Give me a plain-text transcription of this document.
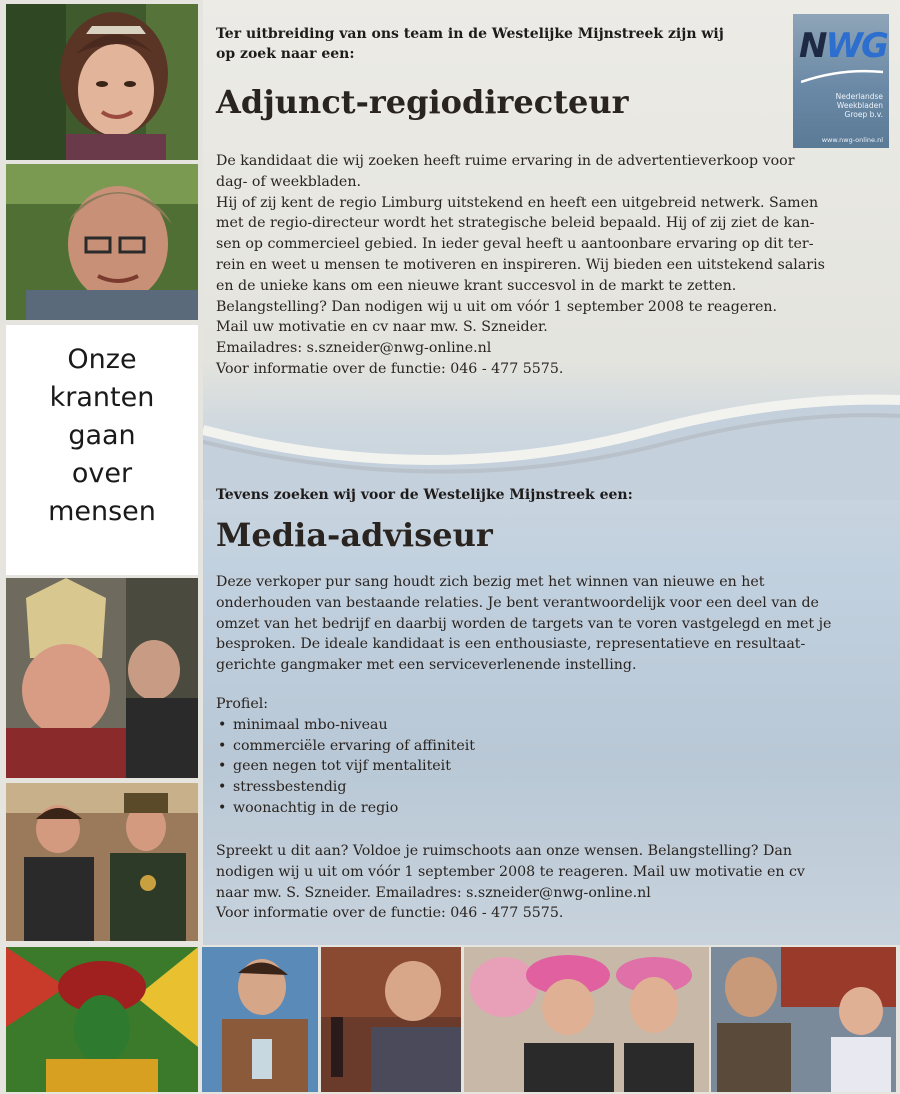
Onze
kranten
gaan
over
mensen
Ter uitbreiding van ons team in de Westelijke Mijnstreek zijn wij
op zoek naar een:
Adjunct-regiodirecteur
De kandidaat die wij zoeken heeft ruime ervaring in de advertentieverkoop voor
dag- of weekbladen.
Hij of zij kent de regio Limburg uitstekend en heeft een uitgebreid netwerk. Samen
met de regio-directeur wordt het strategische beleid bepaald. Hij of zij ziet de kan-
sen op commercieel gebied. In ieder geval heeft u aantoonbare ervaring op dit ter-
rein en weet u mensen te motiveren en inspireren. Wij bieden een uitstekend salaris
en de unieke kans om een nieuwe krant succesvol in de markt te zetten.
Belangstelling? Dan nodigen wij u uit om vóór 1 september 2008 te reageren.
Mail uw motivatie en cv naar mw. S. Szneider.
Emailadres: s.szneider@nwg-online.nl
Voor informatie over de functie: 046 - 477 5575.
Tevens zoeken wij voor de Westelijke Mijnstreek een:
Media-adviseur
Deze verkoper pur sang houdt zich bezig met het winnen van nieuwe en het
onderhouden van bestaande relaties. Je bent verantwoordelijk voor een deel van de
omzet van het bedrijf en daarbij worden de targets van te voren vastgelegd en met je
besproken. De ideale kandidaat is een enthousiaste, representatieve en resultaat-
gerichte gangmaker met een serviceverlenende instelling.
Profiel:
• minimaal mbo-niveau
• commerciële ervaring of affiniteit
• geen negen tot vijf mentaliteit
• stressbestendig
• woonachtig in de regio
Spreekt u dit aan? Voldoe je ruimschoots aan onze wensen. Belangstelling? Dan
nodigen wij u uit om vóór 1 september 2008 te reageren. Mail uw motivatie en cv
naar mw. S. Szneider. Emailadres: s.szneider@nwg-online.nl
Voor informatie over de functie: 046 - 477 5575.
NWG
Nederlandse
Weekbladen
Groep b.v.
www.nwg-online.nl
